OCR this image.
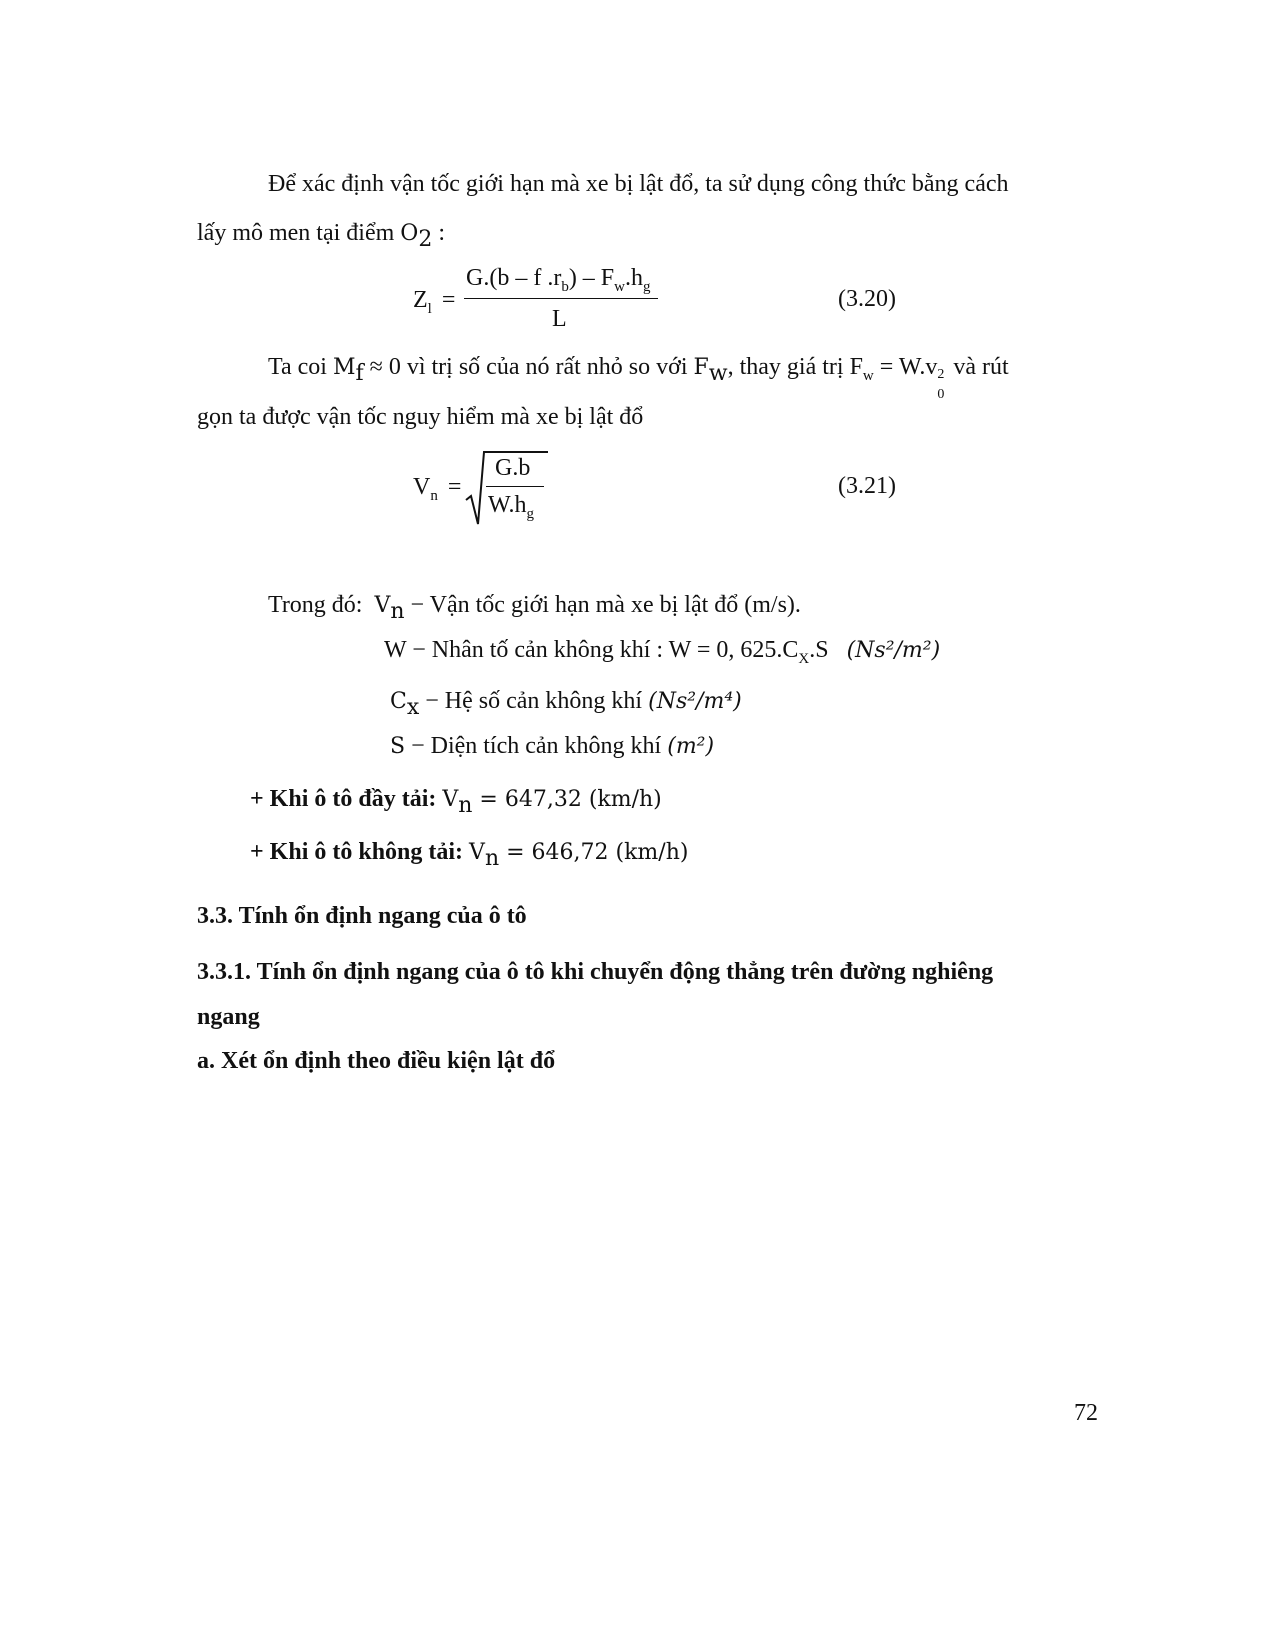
Để xác định vận tốc giới hạn mà xe bị lật đổ, ta sử dụng công thức bằng cách
lấy mô men tại điểm $O_2$ :
$Z_l$ =
G.(b – f $.r_b) - F_w.h_g$
L
(3.20)
Ta coi $M_f \approx 0$ vì trị số của nó rất nhỏ so với $F_w$, thay giá trị $F_w = W.v$ 2
0
và rút
gọn ta được vận tốc nguy hiểm mà xe bị lật đổ
$V_n$ =
G.b
$W.h_g$
(3.21)
Trong đó: $V_n$ − Vận tốc giới hạn mà xe bị lật đổ (m/s).
W − Nhân tố cản không khí : W = 0, $625.C_X.S$ (Ns²/m²)
$C_x$ − Hệ số cản không khí (Ns²/m⁴)
S − Diện tích cản không khí (m²)
+ Khi ô tô đầy tải: $V_n = 647,32$ (km/h)
+ Khi ô tô không tải: $V_n = 646,72$ (km/h)
3.3. Tính ổn định ngang của ô tô
3.3.1. Tính ổn định ngang của ô tô khi chuyển động thẳng trên đường nghiêng
ngang
a. Xét ổn định theo điều kiện lật đổ
72
